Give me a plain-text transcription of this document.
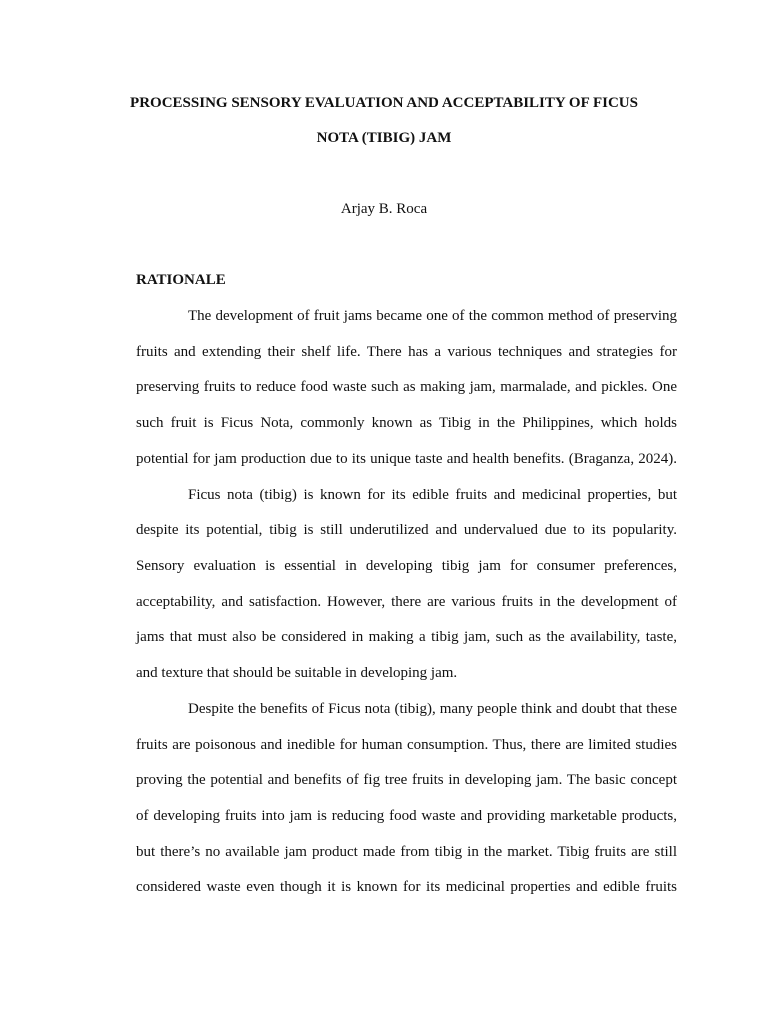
PROCESSING SENSORY EVALUATION AND ACCEPTABILITY OF FICUS
NOTA (TIBIG) JAM
Arjay B. Roca
RATIONALE
The development of fruit jams became one of the common method of preserving
fruits and extending their shelf life. There has a various techniques and strategies for
preserving fruits to reduce food waste such as making jam, marmalade, and pickles. One
such fruit is Ficus Nota, commonly known as Tibig in the Philippines, which holds
potential for jam production due to its unique taste and health benefits. (Braganza, 2024).
Ficus nota (tibig) is known for its edible fruits and medicinal properties, but
despite its potential, tibig is still underutilized and undervalued due to its popularity.
Sensory evaluation is essential in developing tibig jam for consumer preferences,
acceptability, and satisfaction. However, there are various fruits in the development of
jams that must also be considered in making a tibig jam, such as the availability, taste,
and texture that should be suitable in developing jam.
Despite the benefits of Ficus nota (tibig), many people think and doubt that these
fruits are poisonous and inedible for human consumption. Thus, there are limited studies
proving the potential and benefits of fig tree fruits in developing jam. The basic concept
of developing fruits into jam is reducing food waste and providing marketable products,
but there’s no available jam product made from tibig in the market. Tibig fruits are still
considered waste even though it is known for its medicinal properties and edible fruits
